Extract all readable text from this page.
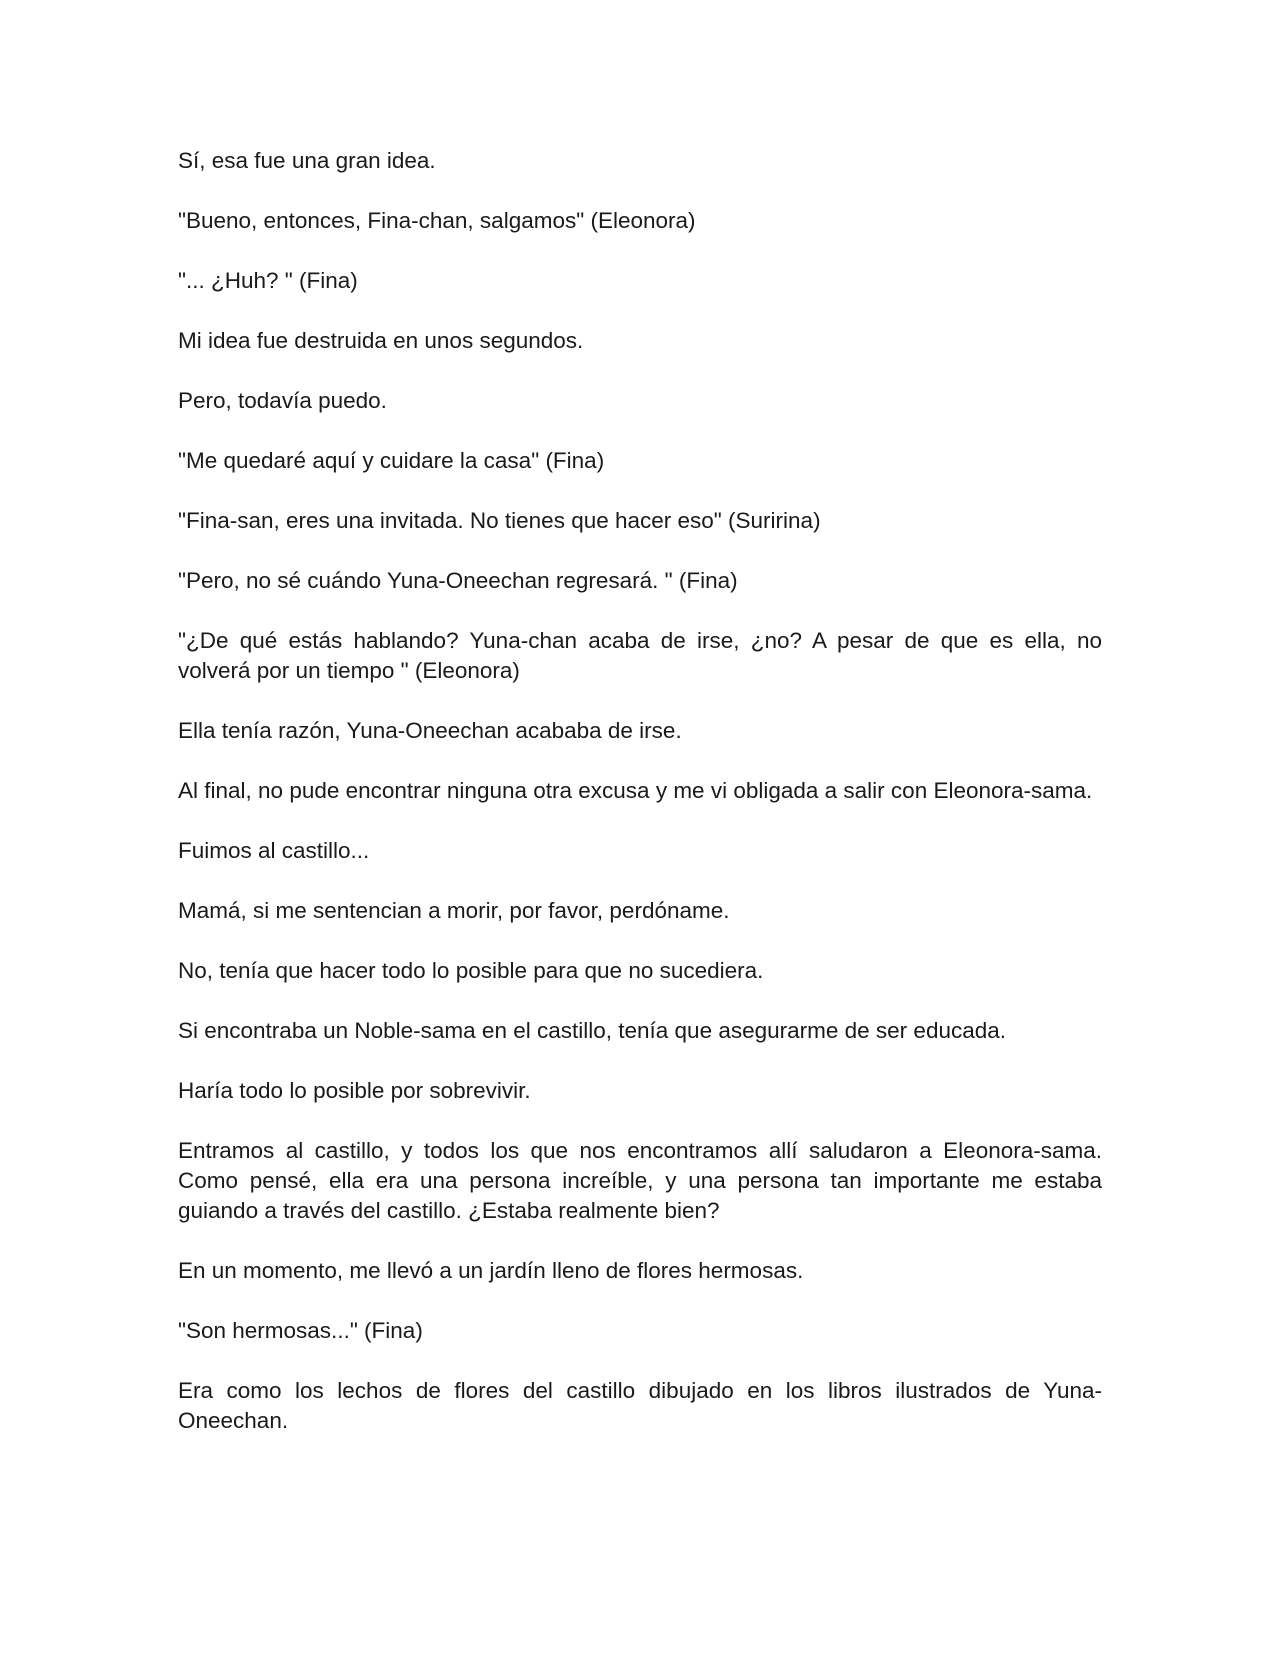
Sí, esa fue una gran idea.

"Bueno, entonces, Fina-chan, salgamos" (Eleonora)

"... ¿Huh? " (Fina)

Mi idea fue destruida en unos segundos.

Pero, todavía puedo.

"Me quedaré aquí y cuidare la casa" (Fina)

"Fina-san, eres una invitada. No tienes que hacer eso" (Suririna)

"Pero, no sé cuándo Yuna-Oneechan regresará. " (Fina)

"¿De qué estás hablando? Yuna-chan acaba de irse, ¿no? A pesar de que es ella, no volverá por un tiempo " (Eleonora)

Ella tenía razón, Yuna-Oneechan acababa de irse.

Al final, no pude encontrar ninguna otra excusa y me vi obligada a salir con Eleonora-sama.

Fuimos al castillo...

Mamá, si me sentencian a morir, por favor, perdóname.

No, tenía que hacer todo lo posible para que no sucediera.

Si encontraba un Noble-sama en el castillo, tenía que asegurarme de ser educada.

Haría todo lo posible por sobrevivir.

Entramos al castillo, y todos los que nos encontramos allí saludaron a Eleonora-sama. Como pensé, ella era una persona increíble, y una persona tan importante me estaba guiando a través del castillo. ¿Estaba realmente bien?

En un momento, me llevó a un jardín lleno de flores hermosas.

"Son hermosas..." (Fina)

Era como los lechos de flores del castillo dibujado en los libros ilustrados de Yuna-Oneechan.
